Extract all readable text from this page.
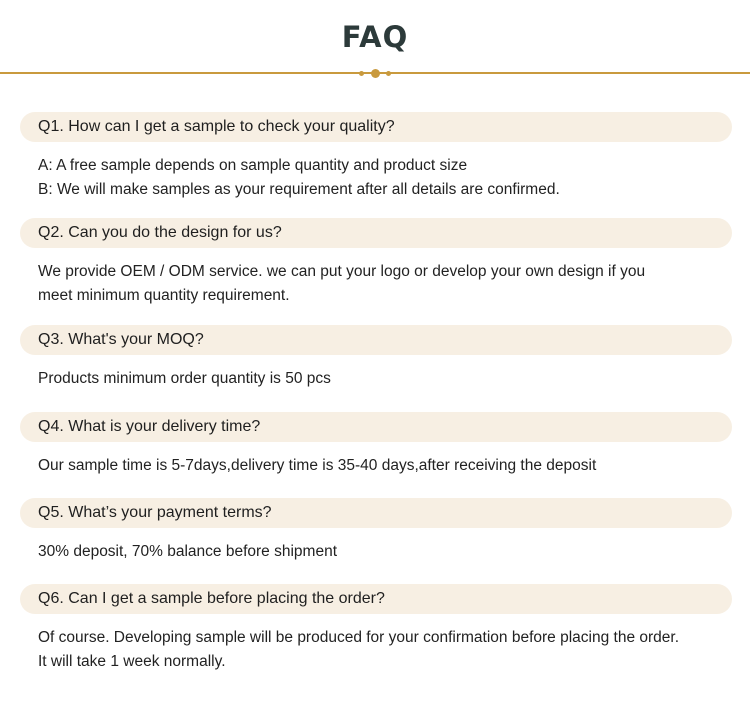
FAQ
Q1. How can I get a sample to check your quality?
A: A free sample depends on sample quantity and product size
B: We will make samples as your requirement after all details are confirmed.
Q2. Can you do the design for us?
We provide OEM / ODM service. we can put your logo or develop your own design if you
meet minimum quantity requirement.
Q3. What's your MOQ?
Products minimum order quantity is 50 pcs
Q4. What is your delivery time?
Our sample time is 5-7days,delivery time is 35-40 days,after receiving the deposit
Q5. What’s your payment terms?
30% deposit, 70% balance before shipment
Q6. Can I get a sample before placing the order?
Of course. Developing sample will be produced for your confirmation before placing the order.
It will take 1 week normally.
